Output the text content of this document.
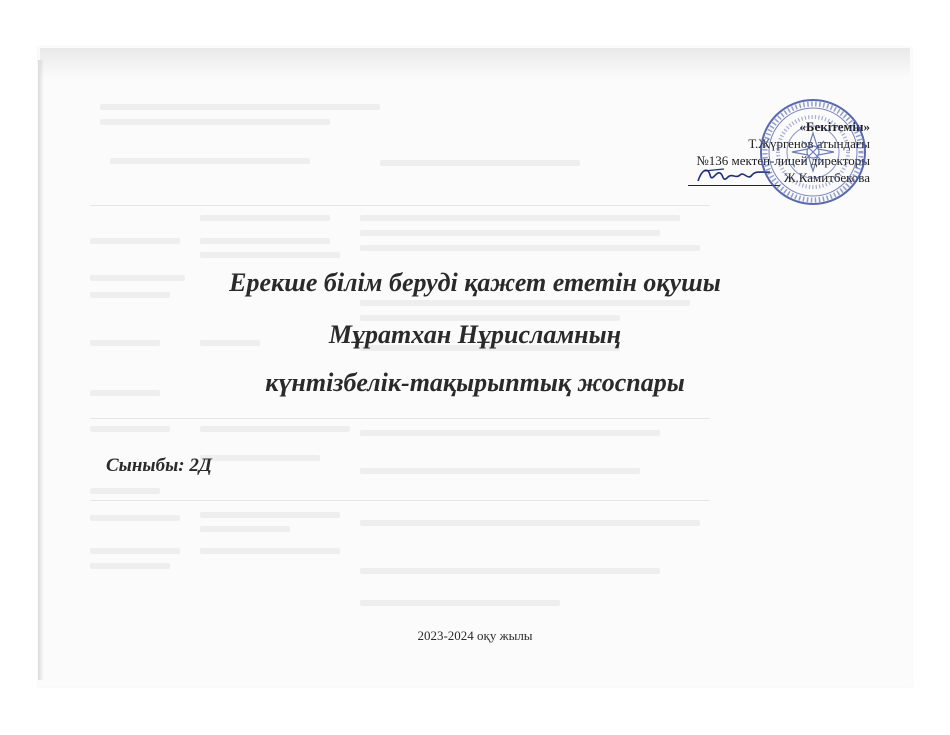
«Бекітемін»
Т.Жүргенов атындағы
№136 мектеп-лицей директоры
Ж.Камитбекова
Ерекше білім беруді қажет ететін оқушы
Мұратхан Нұрисламның
күнтізбелік-тақырыптық жоспары
Сыныбы: 2Д
2023-2024 оқу жылы
